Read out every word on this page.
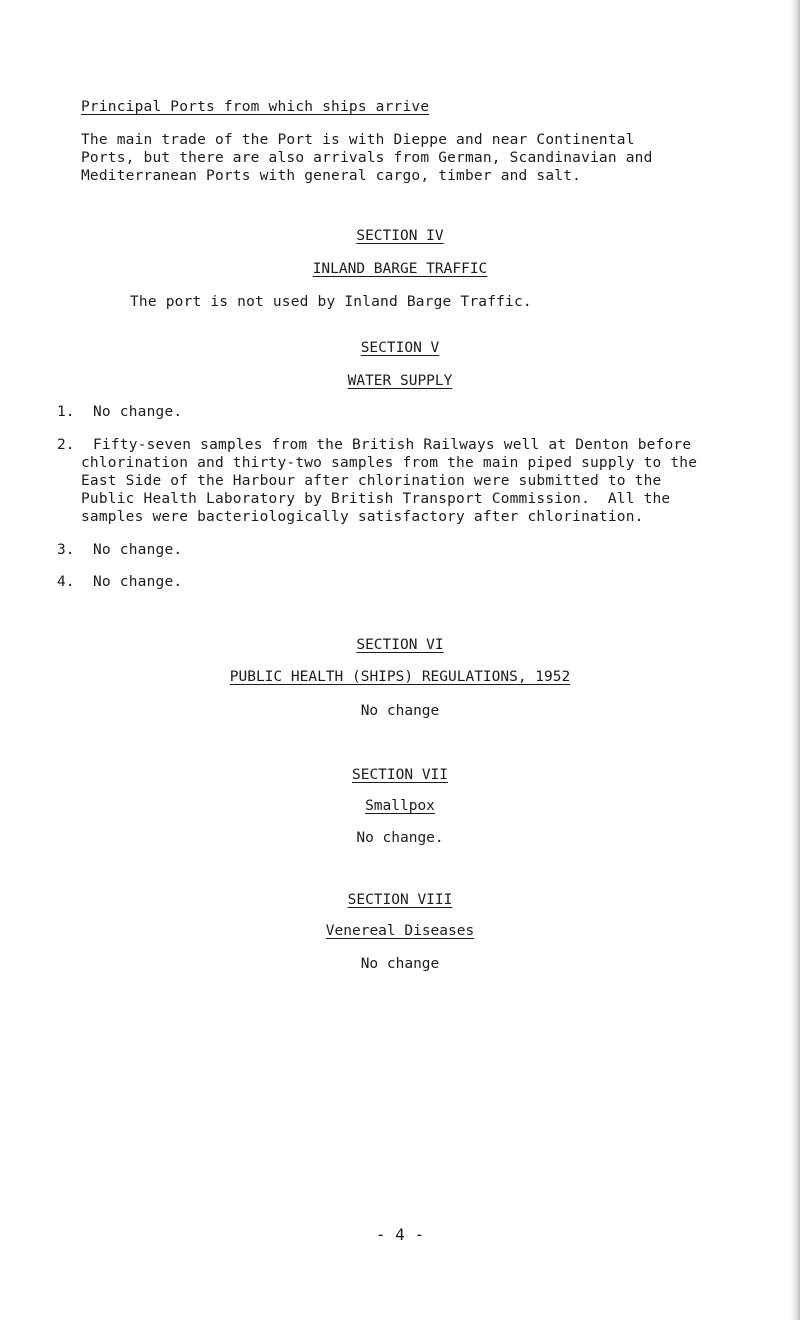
Principal Ports from which ships arrive
The main trade of the Port is with Dieppe and near Continental
Ports, but there are also arrivals from German, Scandinavian and
Mediterranean Ports with general cargo, timber and salt.
SECTION IV
INLAND BARGE TRAFFIC
The port is not used by Inland Barge Traffic.
SECTION V
WATER SUPPLY
1. No change.
2. Fifty-seven samples from the British Railways well at Denton before
chlorination and thirty-two samples from the main piped supply to the
East Side of the Harbour after chlorination were submitted to the
Public Health Laboratory by British Transport Commission.  All the
samples were bacteriologically satisfactory after chlorination.
3. No change.
4. No change.
SECTION VI
PUBLIC HEALTH (SHIPS) REGULATIONS, 1952
No change
SECTION VII
Smallpox
No change.
SECTION VIII
Venereal Diseases
No change
- 4 -
